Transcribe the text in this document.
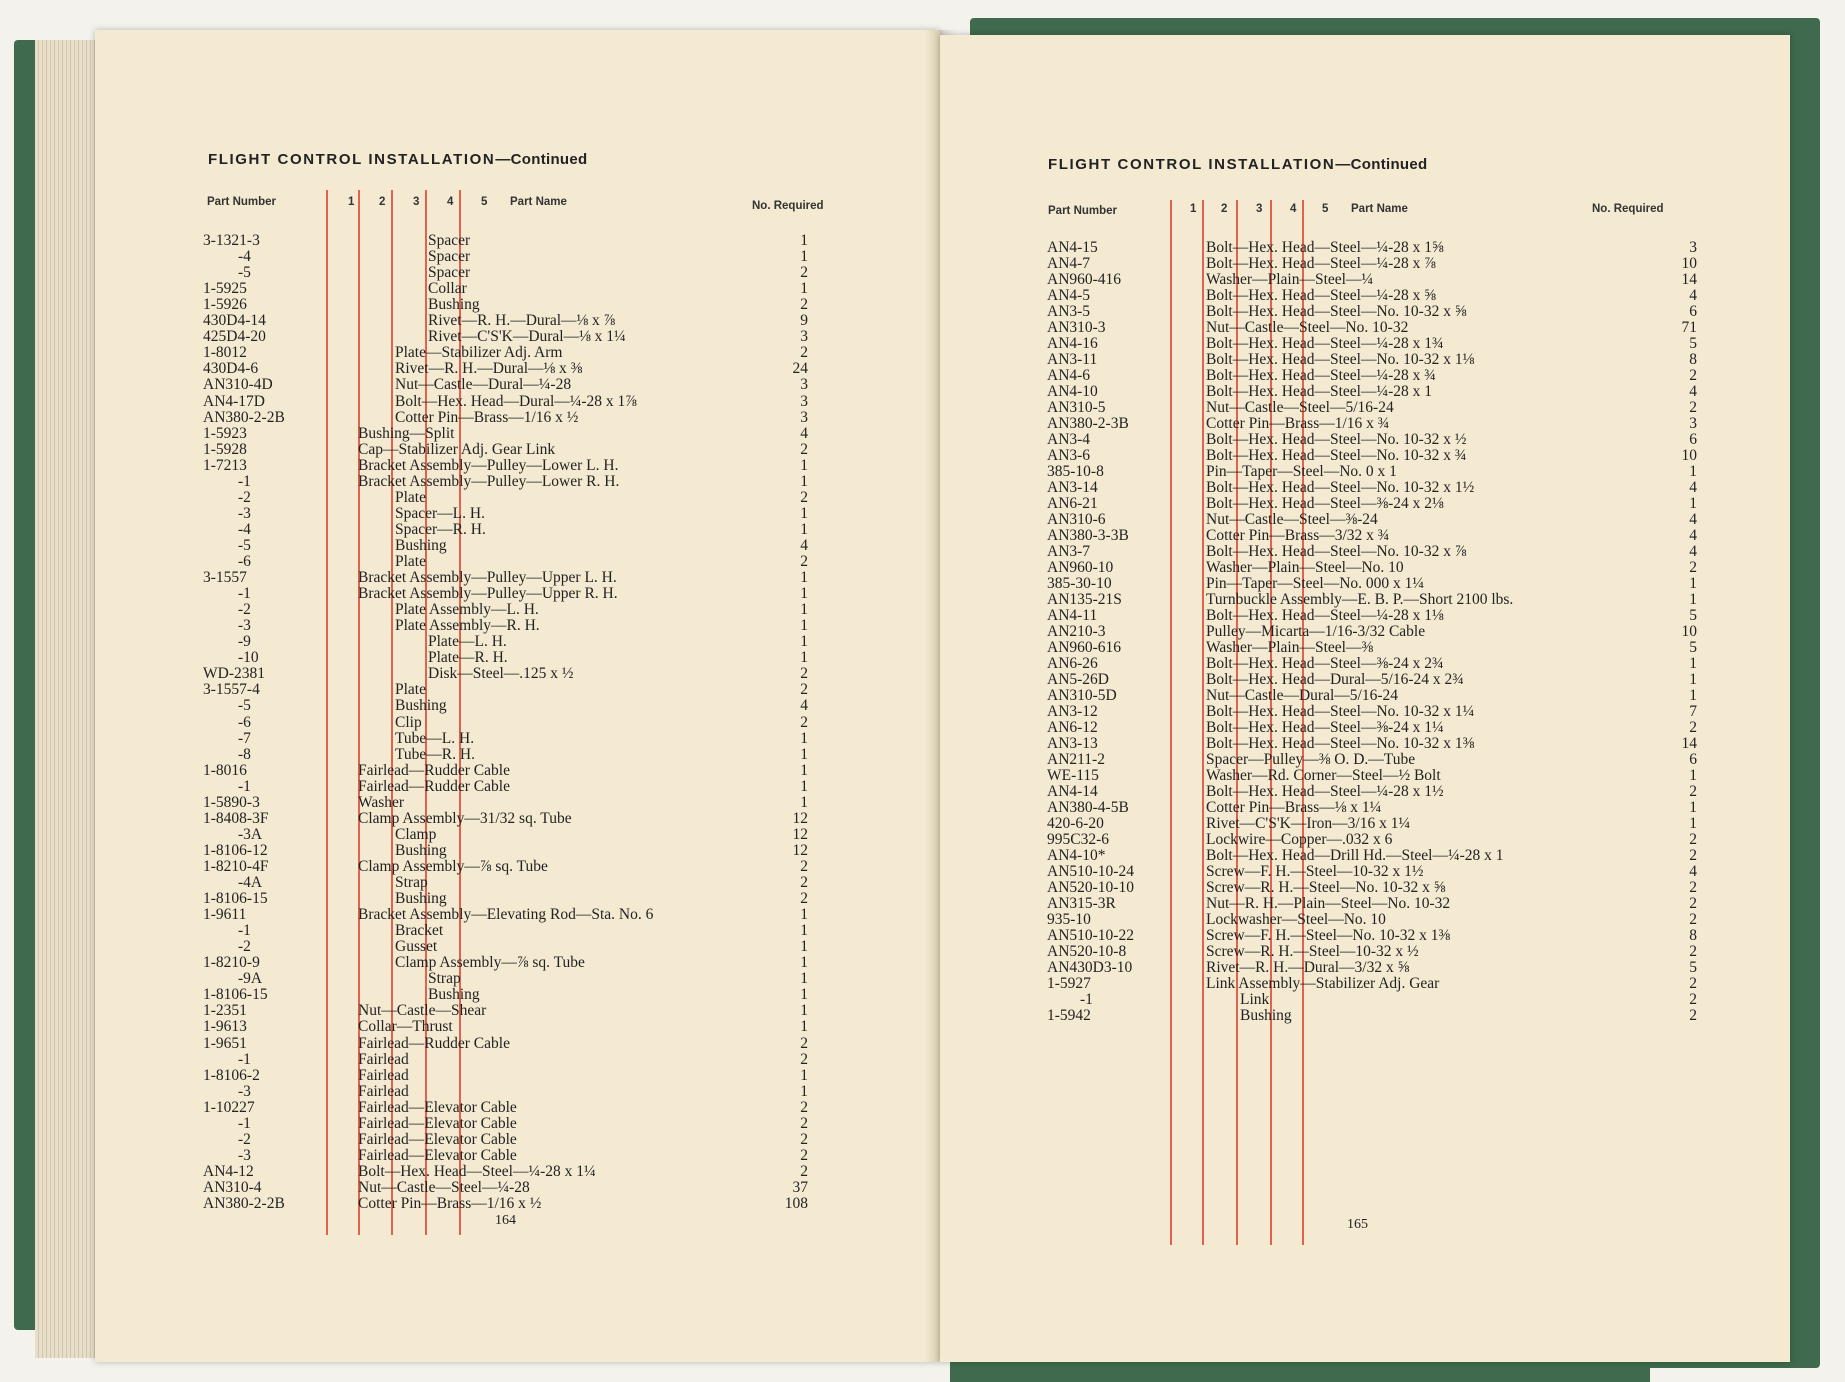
FLIGHT CONTROL INSTALLATION—Continued
Part Number	1 2 3 4 5 Part Name	No. Required
3-1321-3	Spacer	1
-4	Spacer	1
-5	Spacer	2
1-5925	Collar	1
1-5926	Bushing	2
430D4-14	Rivet—R. H.—Dural—⅛ x ⅞	9
425D4-20	Rivet—C'S'K—Dural—⅛ x 1¼	3
1-8012	Plate—Stabilizer Adj. Arm	2
430D4-6	Rivet—R. H.—Dural—⅛ x ⅜	24
AN310-4D	Nut—Castle—Dural—¼-28	3
AN4-17D	Bolt—Hex. Head—Dural—¼-28 x 1⅞	3
AN380-2-2B	Cotter Pin—Brass—1/16 x ½	3
1-5923	Bushing—Split	4
1-5928	Cap—Stabilizer Adj. Gear Link	2
1-7213	Bracket Assembly—Pulley—Lower L. H.	1
-1	Bracket Assembly—Pulley—Lower R. H.	1
-2	Plate	2
-3	Spacer—L. H.	1
-4	Spacer—R. H.	1
-5	Bushing	4
-6	Plate	2
3-1557	Bracket Assembly—Pulley—Upper L. H.	1
-1	Bracket Assembly—Pulley—Upper R. H.	1
-2	Plate Assembly—L. H.	1
-3	Plate Assembly—R. H.	1
-9	Plate—L. H.	1
-10	Plate—R. H.	1
WD-2381	Disk—Steel—.125 x ½	2
3-1557-4	Plate	2
-5	Bushing	4
-6	Clip	2
-7	Tube—L. H.	1
-8	Tube—R. H.	1
1-8016	Fairlead—Rudder Cable	1
-1	Fairlead—Rudder Cable	1
1-5890-3	Washer	1
1-8408-3F	Clamp Assembly—31/32 sq. Tube	12
-3A	Clamp	12
1-8106-12	Bushing	12
1-8210-4F	Clamp Assembly—⅞ sq. Tube	2
-4A	Strap	2
1-8106-15	Bushing	2
1-9611	Bracket Assembly—Elevating Rod—Sta. No. 6	1
-1	Bracket	1
-2	Gusset	1
1-8210-9	Clamp Assembly—⅞ sq. Tube	1
-9A	Strap	1
1-8106-15	Bushing	1
1-2351	Nut—Castle—Shear	1
1-9613	Collar—Thrust	1
1-9651	Fairlead—Rudder Cable	2
-1	Fairlead	2
1-8106-2	Fairlead	1
-3	Fairlead	1
1-10227	Fairlead—Elevator Cable	2
-1	Fairlead—Elevator Cable	2
-2	Fairlead—Elevator Cable	2
-3	Fairlead—Elevator Cable	2
AN4-12	Bolt—Hex. Head—Steel—¼-28 x 1¼	2
AN310-4	Nut—Castle—Steel—¼-28	37
AN380-2-2B	Cotter Pin—Brass—1/16 x ½	108
164
FLIGHT CONTROL INSTALLATION—Continued
Part Number	1 2 3 4 5 Part Name	No. Required
AN4-15	Bolt—Hex. Head—Steel—¼-28 x 1⅝	3
AN4-7	Bolt—Hex. Head—Steel—¼-28 x ⅞	10
AN960-416	Washer—Plain—Steel—¼	14
AN4-5	Bolt—Hex. Head—Steel—¼-28 x ⅝	4
AN3-5	Bolt—Hex. Head—Steel—No. 10-32 x ⅝	6
AN310-3	Nut—Castle—Steel—No. 10-32	71
AN4-16	Bolt—Hex. Head—Steel—¼-28 x 1¾	5
AN3-11	Bolt—Hex. Head—Steel—No. 10-32 x 1⅛	8
AN4-6	Bolt—Hex. Head—Steel—¼-28 x ¾	2
AN4-10	Bolt—Hex. Head—Steel—¼-28 x 1	4
AN310-5	Nut—Castle—Steel—5/16-24	2
AN380-2-3B	Cotter Pin—Brass—1/16 x ¾	3
AN3-4	Bolt—Hex. Head—Steel—No. 10-32 x ½	6
AN3-6	Bolt—Hex. Head—Steel—No. 10-32 x ¾	10
385-10-8	Pin—Taper—Steel—No. 0 x 1	1
AN3-14	Bolt—Hex. Head—Steel—No. 10-32 x 1½	4
AN6-21	Bolt—Hex. Head—Steel—⅜-24 x 2⅛	1
AN310-6	Nut—Castle—Steel—⅜-24	4
AN380-3-3B	Cotter Pin—Brass—3/32 x ¾	4
AN3-7	Bolt—Hex. Head—Steel—No. 10-32 x ⅞	4
AN960-10	Washer—Plain—Steel—No. 10	2
385-30-10	Pin—Taper—Steel—No. 000 x 1¼	1
AN135-21S	Turnbuckle Assembly—E. B. P.—Short 2100 lbs.	1
AN4-11	Bolt—Hex. Head—Steel—¼-28 x 1⅛	5
AN210-3	Pulley—Micarta—1/16-3/32 Cable	10
AN960-616	Washer—Plain—Steel—⅜	5
AN6-26	Bolt—Hex. Head—Steel—⅜-24 x 2¾	1
AN5-26D	Bolt—Hex. Head—Dural—5/16-24 x 2¾	1
AN310-5D	Nut—Castle—Dural—5/16-24	1
AN3-12	Bolt—Hex. Head—Steel—No. 10-32 x 1¼	7
AN6-12	Bolt—Hex. Head—Steel—⅜-24 x 1¼	2
AN3-13	Bolt—Hex. Head—Steel—No. 10-32 x 1⅜	14
AN211-2	Spacer—Pulley—⅜ O. D.—Tube	6
WE-115	Washer—Rd. Corner—Steel—½ Bolt	1
AN4-14	Bolt—Hex. Head—Steel—¼-28 x 1½	2
AN380-4-5B	Cotter Pin—Brass—⅛ x 1¼	1
420-6-20	Rivet—C'S'K—Iron—3/16 x 1¼	1
995C32-6	Lockwire—Copper—.032 x 6	2
AN4-10*	Bolt—Hex. Head—Drill Hd.—Steel—¼-28 x 1	2
AN510-10-24	Screw—F. H.—Steel—10-32 x 1½	4
AN520-10-10	Screw—R. H.—Steel—No. 10-32 x ⅝	2
AN315-3R	Nut—R. H.—Plain—Steel—No. 10-32	2
935-10	Lockwasher—Steel—No. 10	2
AN510-10-22	Screw—F. H.—Steel—No. 10-32 x 1⅜	8
AN520-10-8	Screw—R. H.—Steel—10-32 x ½	2
AN430D3-10	Rivet—R. H.—Dural—3/32 x ⅝	5
1-5927	Link Assembly—Stabilizer Adj. Gear	2
-1	Link	2
1-5942	Bushing	2
165
